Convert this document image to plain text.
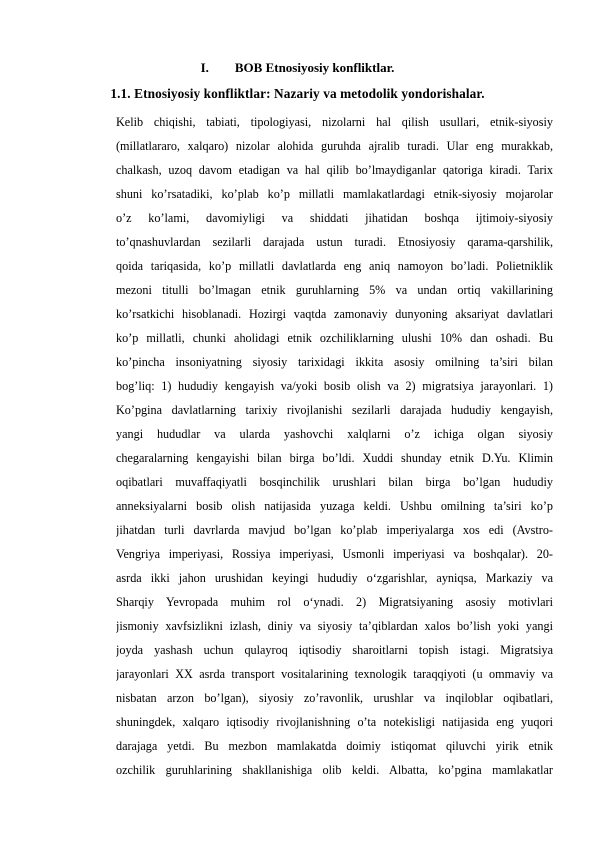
I. BOB Etnosiyosiy konfliktlar.
1.1. Etnosiyosiy konfliktlar: Nazariy va metodolik yondorishalar.
Kelib chiqishi, tabiati, tipologiyasi, nizolarni hal qilish usullari, etnik-siyosiy
(millatlararo, xalqaro) nizolar alohida guruhda ajralib turadi. Ular eng murakkab,
chalkash, uzoq davom etadigan va hal qilib bo’lmaydiganlar qatoriga kiradi. Tarix
shuni ko’rsatadiki, ko’plab ko’p millatli mamlakatlardagi etnik-siyosiy mojarolar
o’z ko’lami, davomiyligi va shiddati jihatidan boshqa ijtimoiy-siyosiy
to’qnashuvlardan sezilarli darajada ustun turadi. Etnosiyosiy qarama-qarshilik,
qoida tariqasida, ko’p millatli davlatlarda eng aniq namoyon bo’ladi. Polietniklik
mezoni titulli bo’lmagan etnik guruhlarning 5% va undan ortiq vakillarining
ko’rsatkichi hisoblanadi. Hozirgi vaqtda zamonaviy dunyoning aksariyat davlatlari
ko’p millatli, chunki aholidagi etnik ozchiliklarning ulushi 10% dan oshadi. Bu
ko’pincha insoniyatning siyosiy tarixidagi ikkita asosiy omilning ta’siri bilan
bog’liq: 1) hududiy kengayish va/yoki bosib olish va 2) migratsiya jarayonlari. 1)
Ko’pgina davlatlarning tarixiy rivojlanishi sezilarli darajada hududiy kengayish,
yangi hududlar va ularda yashovchi xalqlarni o’z ichiga olgan siyosiy
chegaralarning kengayishi bilan birga bo’ldi. Xuddi shunday etnik D.Yu. Klimin
oqibatlari muvaffaqiyatli bosqinchilik urushlari bilan birga bo’lgan hududiy
anneksiyalarni bosib olish natijasida yuzaga keldi. Ushbu omilning ta’siri ko’p
jihatdan turli davrlarda mavjud bo’lgan ko’plab imperiyalarga xos edi (Avstro-
Vengriya imperiyasi, Rossiya imperiyasi, Usmonli imperiyasi va boshqalar). 20-
asrda ikki jahon urushidan keyingi hududiy o‘zgarishlar, ayniqsa, Markaziy va
Sharqiy Yevropada muhim rol o‘ynadi. 2) Migratsiyaning asosiy motivlari
jismoniy xavfsizlikni izlash, diniy va siyosiy ta’qiblardan xalos bo’lish yoki yangi
joyda yashash uchun qulayroq iqtisodiy sharoitlarni topish istagi. Migratsiya
jarayonlari XX asrda transport vositalarining texnologik taraqqiyoti (u ommaviy va
nisbatan arzon bo’lgan), siyosiy zo’ravonlik, urushlar va inqiloblar oqibatlari,
shuningdek, xalqaro iqtisodiy rivojlanishning o’ta notekisligi natijasida eng yuqori
darajaga yetdi. Bu mezbon mamlakatda doimiy istiqomat qiluvchi yirik etnik
ozchilik guruhlarining shakllanishiga olib keldi. Albatta, ko’pgina mamlakatlar
